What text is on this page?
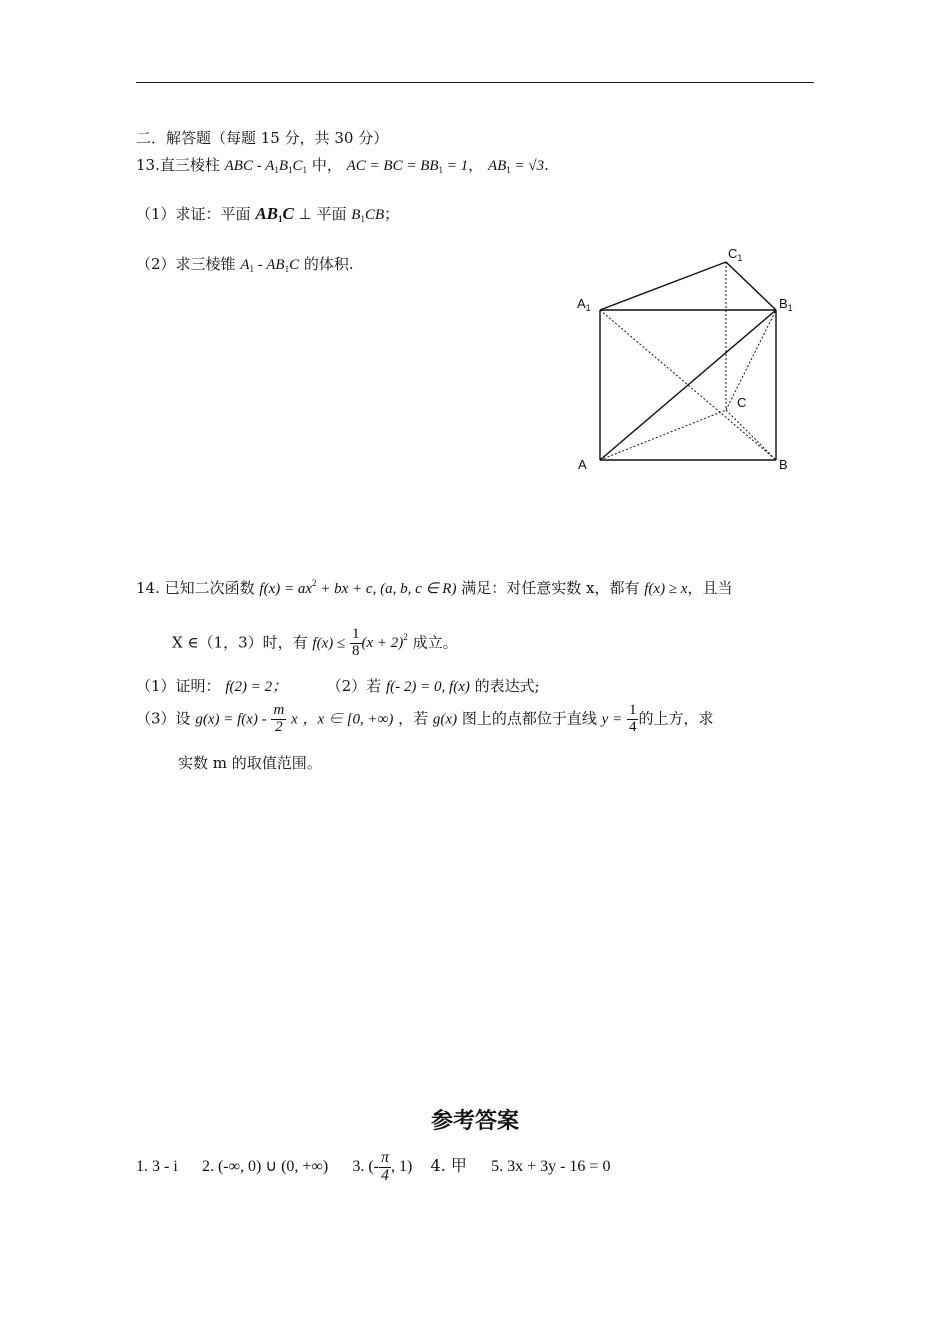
二．解答题（每题 15 分，共 30 分）
13.直三棱柱 ABC - $A_1B_1C_1$ 中， AC = BC = $BB_1 = 1$， $AB_1 = √3$.
（1）求证：平面 $AB_1C$ ⊥ 平面 $B_1CB$；
（2）求三棱锥 $A_1 - AB_1C$ 的体积.
$A_1$	$B_1$
$C_1$
A	B
C
14. 已知二次函数 $f(x) = ax^2$ + bx + c, (a, b, c ∈ R) 满足：对任意实数 x，都有 f(x) ≥ x，且当
X ∈（1，3）时，有 $f(x) \le \frac{1}{8} (x + 2)^2$ 成立。
（1）证明： f(2) = 2；	（2）若 f(- 2) = 0, f(x) 的表达式;
（3）设 $g(x) = f(x) - \frac{m}{2}$ x ，x ∈ [0, +∞) ，若 g(x) 图上的点都位于直线 $y = \frac{1}{4}$ 的上方，求
实数 m 的取值范围。
参考答案
1. 3 - i 2. (-∞, 0) ∪ (0, +∞) 3. (- $\frac{\pi}{4}$ , 1) 4. 甲 5. 3x + 3y - 16 = 0
